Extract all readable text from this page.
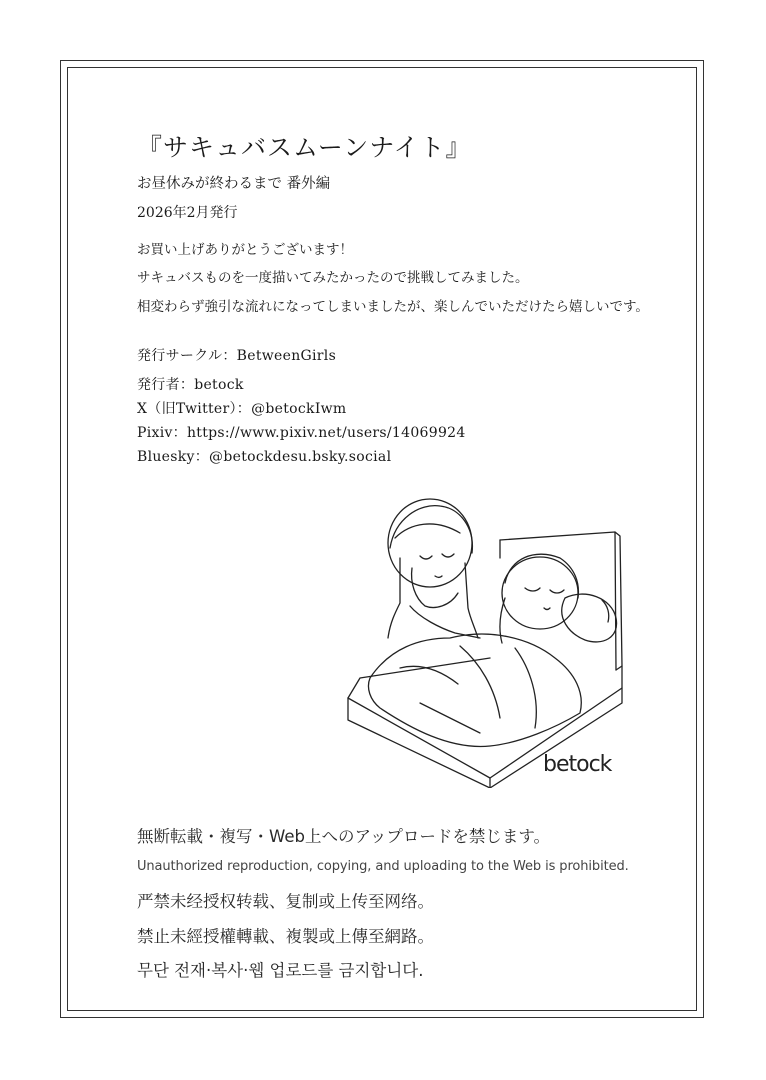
『サキュバスムーンナイト』
お昼休みが終わるまで 番外編
2026年2月発行
お買い上げありがとうございます！
サキュバスものを一度描いてみたかったので挑戦してみました。
相変わらず強引な流れになってしまいましたが、楽しんでいただけたら嬉しいです。
発行サークル：BetweenGirls
発行者：betock
X（旧Twitter）：@betockIwm
Pixiv：https://www.pixiv.net/users/14069924
Bluesky：@betockdesu.bsky.social
betock
無断転載・複写・Web上へのアップロードを禁じます。
Unauthorized reproduction, copying, and uploading to the Web is prohibited.
严禁未经授权转载、复制或上传至网络。
禁止未經授權轉載、複製或上傳至網路。
무단 전재·복사·웹 업로드를 금지합니다.
